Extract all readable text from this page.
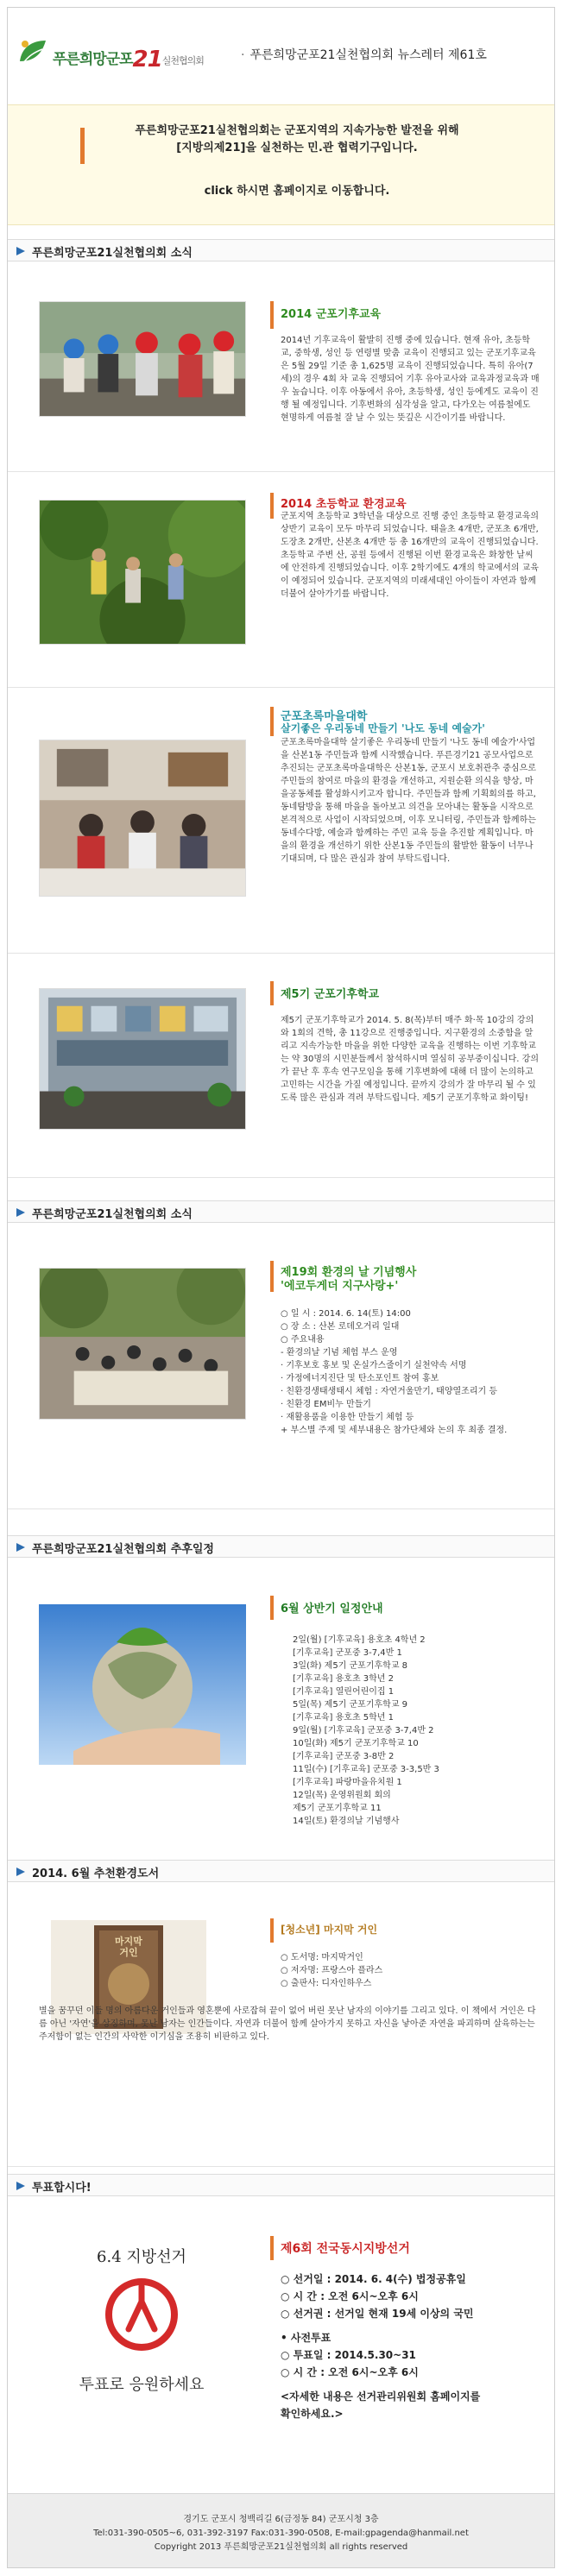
푸른희망군포21실천협의회
·	푸른희망군포21실천협의회 뉴스레터 제61호
푸른희망군포21실천협의회는 군포지역의 지속가능한 발전을 위해
[지방의제21]을 실천하는 민.관 협력기구입니다.
click 하시면 홈페이지로 이동합니다.
푸른희망군포21실천협의회 소식
2014 군포기후교육
2014년 기후교육이 활발히 진행 중에 있습니다. 현재 유아, 초등학교, 중학생, 성인 등 연령별 맞춤 교육이 진행되고 있는 군포기후교육은 5월 29일 기준 총 1,625명 교육이 진행되었습니다. 특히 유아(7세)의 경우 4회 차 교육 진행되어 기후 유아교사와 교육과정교육과 매우 높습니다. 이후 아동에서 유아, 초등학생, 성인 등에게도 교육이 진행 될 예정입니다. 기후변화의 심각성을 알고, 다가오는 여름철에도 현명하게 여름철 잘 날 수 있는 뜻깊은 시간이기를 바랍니다.
2014 초등학교 환경교육
군포지역 초등학교 3학년을 대상으로 진행 중인 초등학교 환경교육의 상반기 교육이 모두 마무리 되었습니다. 태을초 4개반, 군포초 6개반, 도장초 2개반, 산본초 4개반 등 총 16개반의 교육이 진행되었습니다. 초등학교 주변 산, 공원 등에서 진행된 이번 환경교육은 화창한 날씨에 안전하게 진행되었습니다. 이후 2학기에도 4개의 학교에서의 교육이 예정되어 있습니다. 군포지역의 미래세대인 아이들이 자연과 함께 더불어 살아가기를 바랍니다.
군포초록마을대학
살기좋은 우리동네 만들기 '나도 동네 예술가'
군포초록마을대학 살기좋은 우리동네 만들기 '나도 동네 예술가'사업을 산본1동 주민들과 함께 시작했습니다. 푸른경기21 공모사업으로 추진되는 군포초록마을대학은 산본1동, 군포시 보호취관추 중심으로 주민들의 참여로 마을의 환경을 개선하고, 지원순환 의식을 향상, 마을공동체를 활성화시키고자 합니다. 주민들과 함께 기획회의를 하고, 동네탐방을 통해 마을을 돌아보고 의견을 모아내는 활동을 시작으로 본격적으로 사업이 시작되었으며, 이후 모니터링, 주민들과 함께하는 동네수다방, 예술과 함께하는 주민 교육 등을 추진할 계획입니다. 마을의 환경을 개선하기 위한 산본1동 주민들의 활발한 활동이 너무나 기대되며, 다 많은 관심과 참여 부탁드립니다.
제5기 군포기후학교
제5기 군포기후학교가 2014. 5. 8(목)부터 매주 화·목 10강의 강의와 1회의 견학, 총 11강으로 진행중입니다. 지구환경의 소중함을 알리고 지속가능한 마을을 위한 다양한 교육을 진행하는 이번 기후학교는 약 30명의 시민분들께서 참석하시며 열심히 공부중이십니다. 강의가 끝난 후 후속 연구모임을 통해 기후변화에 대해 더 많이 논의하고 고민하는 시간을 가질 예정입니다. 끝까지 강의가 잘 마무리 될 수 있도록 많은 관심과 격려 부탁드립니다. 제5기 군포기후학교 화이팅!
푸른희망군포21실천협의회 소식
제19회 환경의 날 기념행사
'에코두게더 지구사랑+'
○ 일 시 : 2014. 6. 14(토) 14:00
○ 장 소 : 산본 로데오거리 일대
○ 주요내용
- 환경의날 기념 체험 부스 운영
· 기후보호 홍보 및 온실가스줄이기 실천약속 서명
· 가정에너지진단 및 탄소포인트 참여 홍보
· 친환경생태생태시 체험 : 자연거울만기, 태양열조리기 등
· 친환경 EM비누 만들기
· 재활용품을 이용한 만들기 체험 등
+ 부스별 주제 및 세부내용은 참가단체와 논의 후 최종 결정.
푸른희망군포21실천협의회 추후일정
6월 상반기 일정안내
2일(월) [기후교육] 용호초 4학년 2
[기후교육] 군포중 3-7,4반 1
3일(화) 제5기 군포기후학교 8
[기후교육] 용호초 3학년 2
[기후교육] 열린어린이집 1
5일(목) 제5기 군포기후학교 9
[기후교육] 용호초 5학년 1
9일(월) [기후교육] 군포중 3-7,4반 2
10일(화) 제5기 군포기후학교 10
[기후교육] 군포중 3-8반 2
11일(수) [기후교육] 군포중 3-3,5반 3
[기후교육] 파랑마을유치원 1
12일(목) 운영위원회 회의
제5기 군포기후학교 11
14일(토) 환경의날 기념행사
2014. 6월 추천환경도서
마지막 거인
[청소년] 마지막 거인
○ 도서명: 마지막거인
○ 저자명: 프랑스아 플라스
○ 출판사: 디자인하우스
별을 꿈꾸던 이들 명의 아름다운 거인들과 영혼뿐에 사로잡혀 끝이 없어 버린 못난 남자의 이야기를 그리고 있다. 이 책에서 거인은 다름 아닌 '자연'을 상징하며, 못난 남자는 인간들이다. 자연과 더불어 함께 살아가지 못하고 자신을 낳아준 자연을 파괴하며 살육하는는 주저함이 없는 인간의 사악한 이기심을 조용히 비판하고 있다.
투표합시다!
6.4 지방선거
투표로 응원하세요
제6회 전국동시지방선거
○ 선거일 : 2014. 6. 4(수) 법정공휴일
○ 시 간 : 오전 6시~오후 6시
○ 선거권 : 선거일 현재 19세 이상의 국민
• 사전투표
○ 투표일 : 2014.5.30~31
○ 시 간 : 오전 6시~오후 6시
<자세한 내용은 선거관리위원회 홈페이지를
확인하세요.>
경기도 군포시 청백리길 6(금정동 84) 군포시청 3층
Tel:031-390-0505~6, 031-392-3197 Fax:031-390-0508, E-mail:gpagenda@hanmail.net
Copyright 2013 푸른희망군포21실천협의회 all rights reserved
